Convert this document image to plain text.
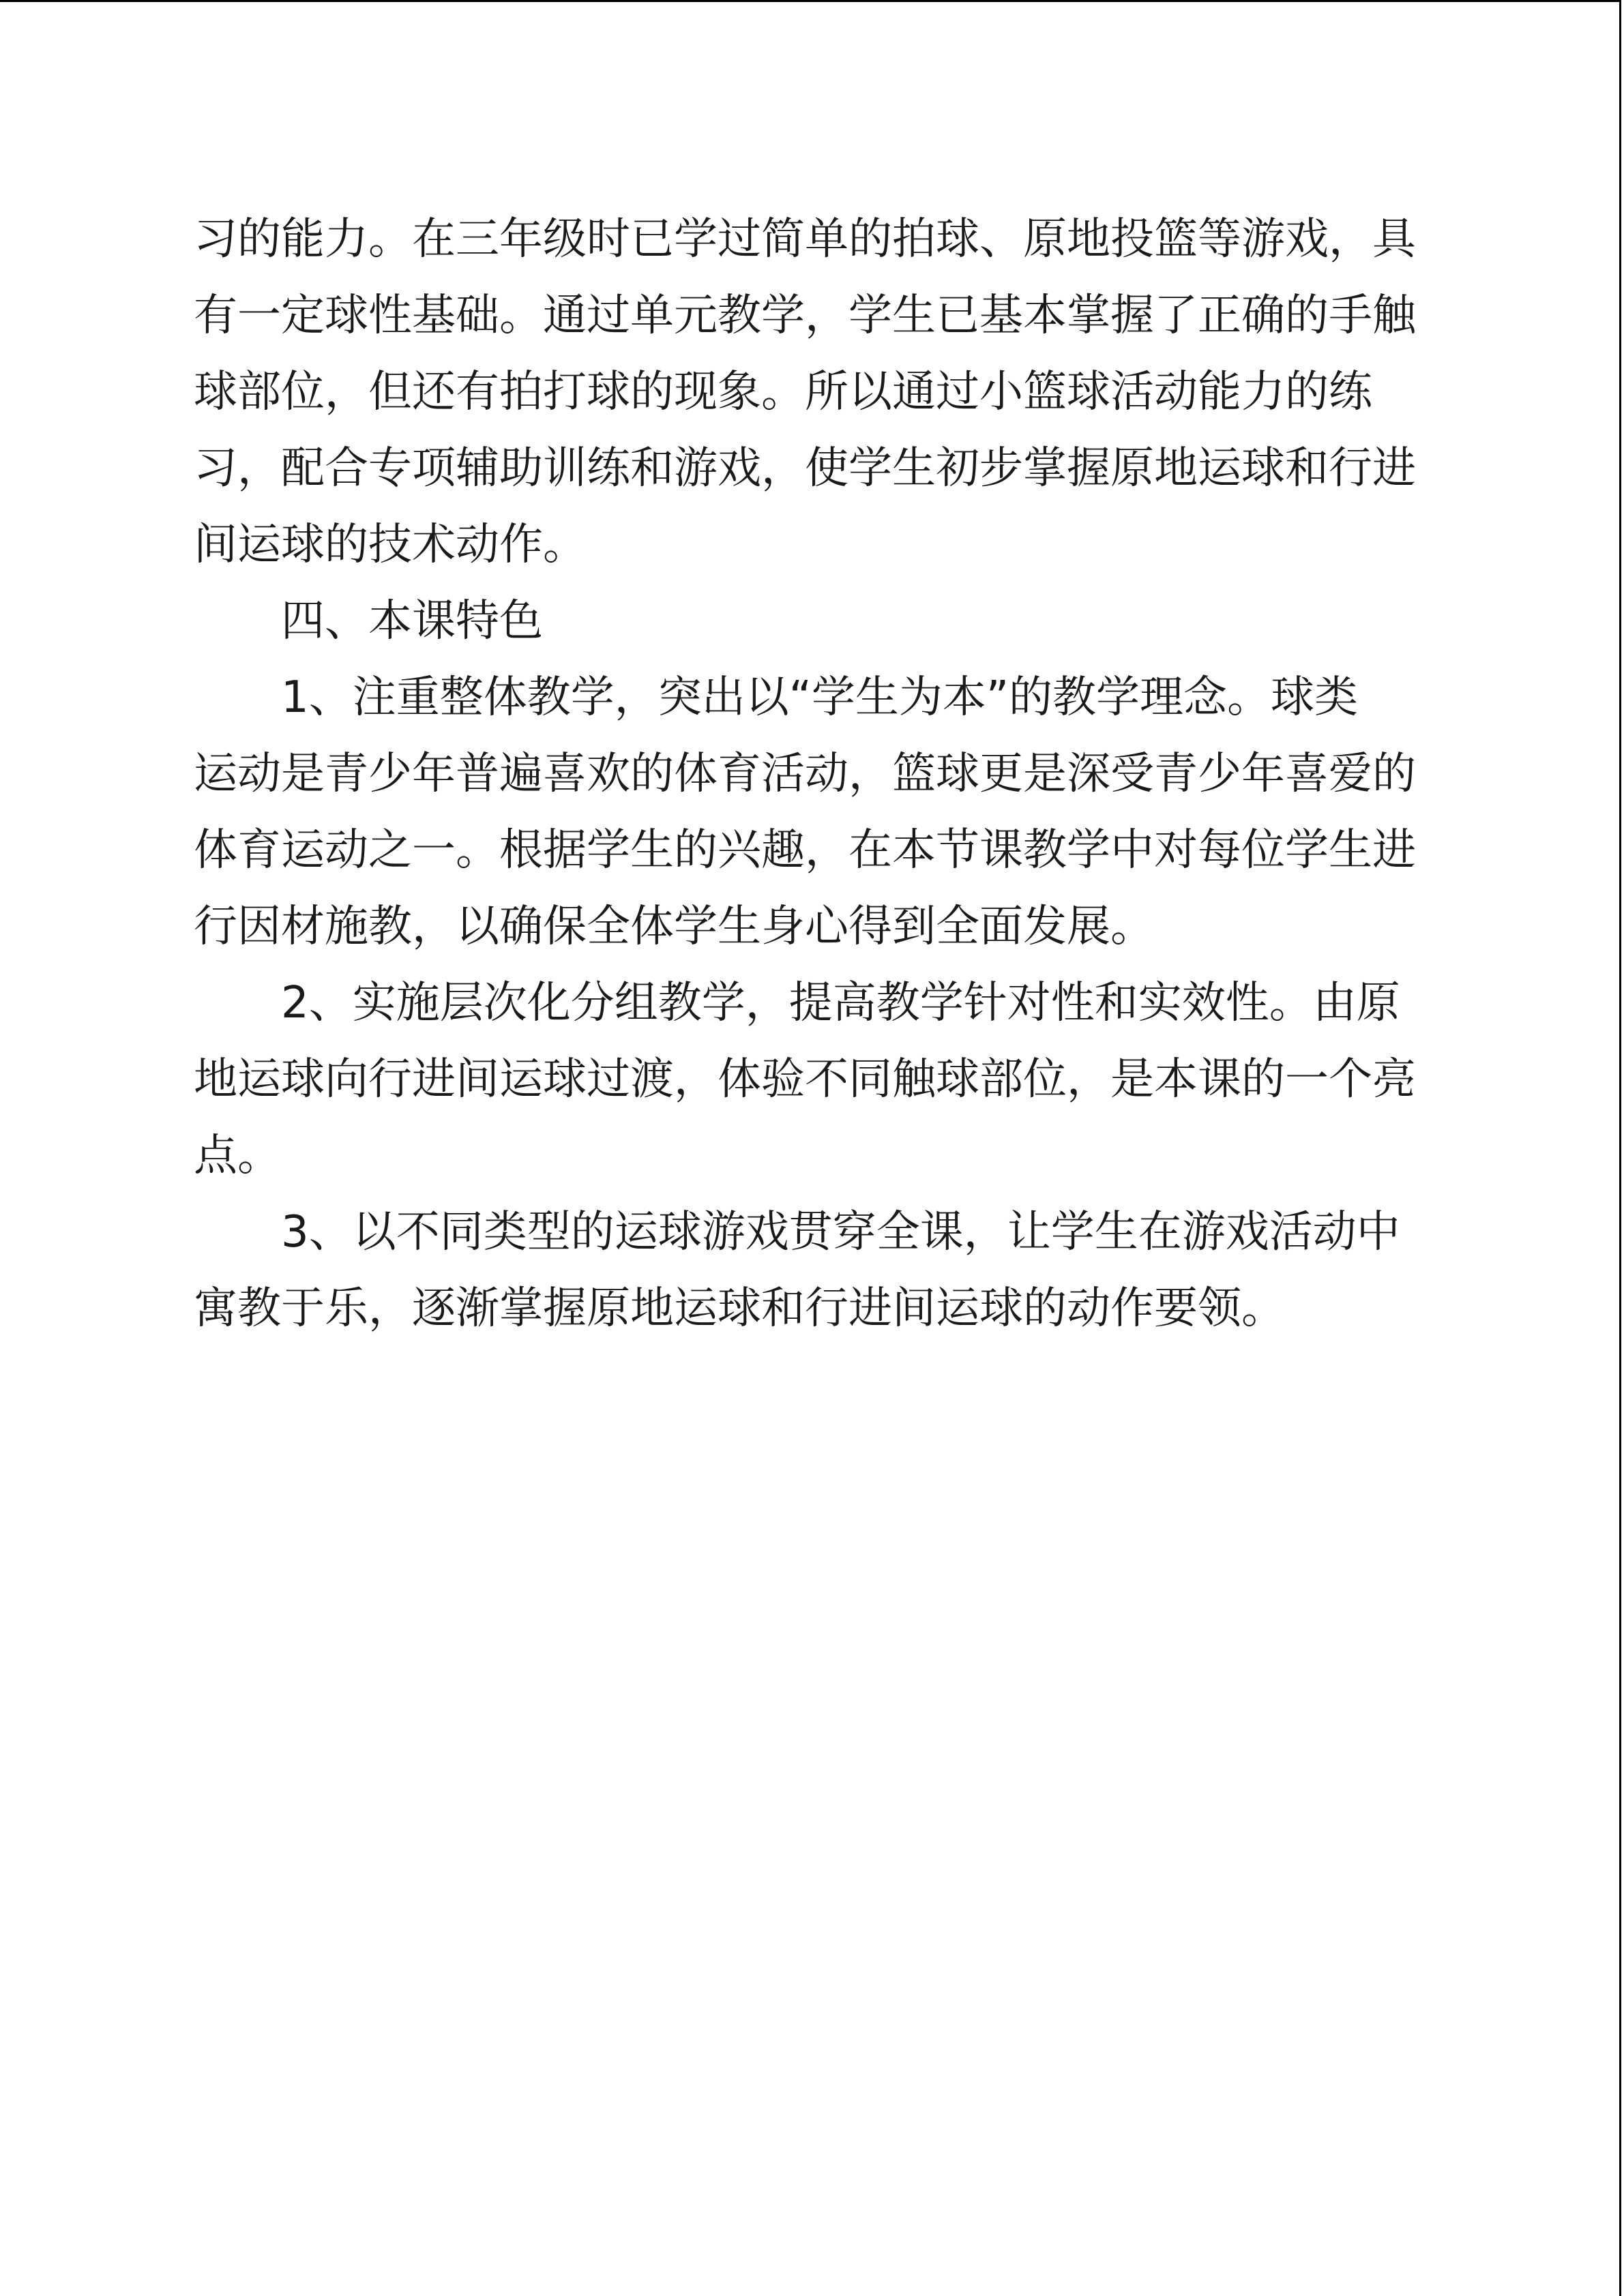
习的能力。在三年级时已学过简单的拍球、原地投篮等游戏，具
有一定球性基础。通过单元教学，学生已基本掌握了正确的手触
球部位，但还有拍打球的现象。所以通过小篮球活动能力的练
习，配合专项辅助训练和游戏，使学生初步掌握原地运球和行进
间运球的技术动作。
四、本课特色
1、注重整体教学，突出以“学生为本”的教学理念。球类
运动是青少年普遍喜欢的体育活动，篮球更是深受青少年喜爱的
体育运动之一。根据学生的兴趣，在本节课教学中对每位学生进
行因材施教，以确保全体学生身心得到全面发展。
2、实施层次化分组教学，提高教学针对性和实效性。由原
地运球向行进间运球过渡，体验不同触球部位，是本课的一个亮
点。
3、以不同类型的运球游戏贯穿全课，让学生在游戏活动中
寓教于乐，逐渐掌握原地运球和行进间运球的动作要领。
